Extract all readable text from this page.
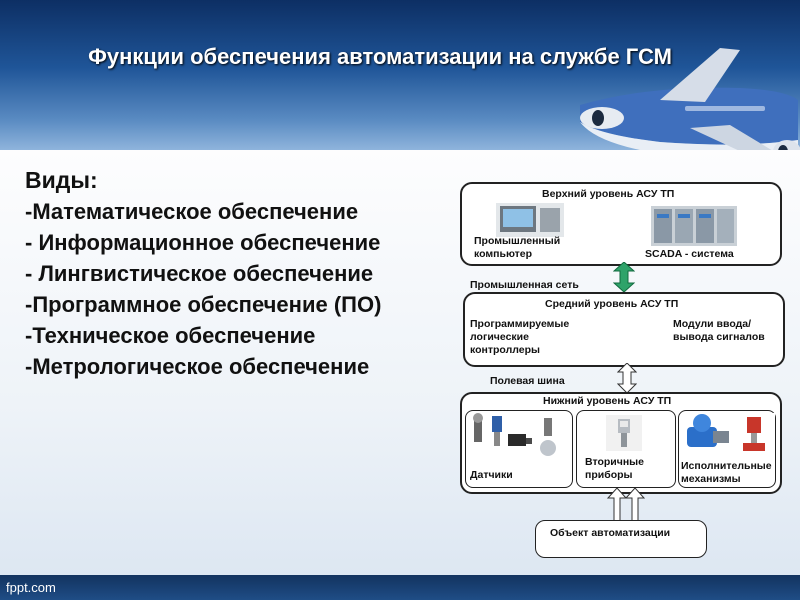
Функции обеспечения автоматизации на службе ГСМ

Виды:

-Математическое обеспечение

- Информационное обеспечение

- Лингвистическое обеспечение

-Программное обеспечение (ПО)

-Техническое обеспечение

-Метрологическое обеспечение

Верхний уровень АСУ ТП
Промышленный компьютер	SCADA - система
Промышленная сеть
Средний уровень АСУ ТП
Программируемые логические контроллеры
Модули ввода/вывода сигналов
Полевая шина
Нижний уровень АСУ ТП
Датчики
Вторичные приборы
Исполнительные механизмы
Объект автоматизации
fppt.com
